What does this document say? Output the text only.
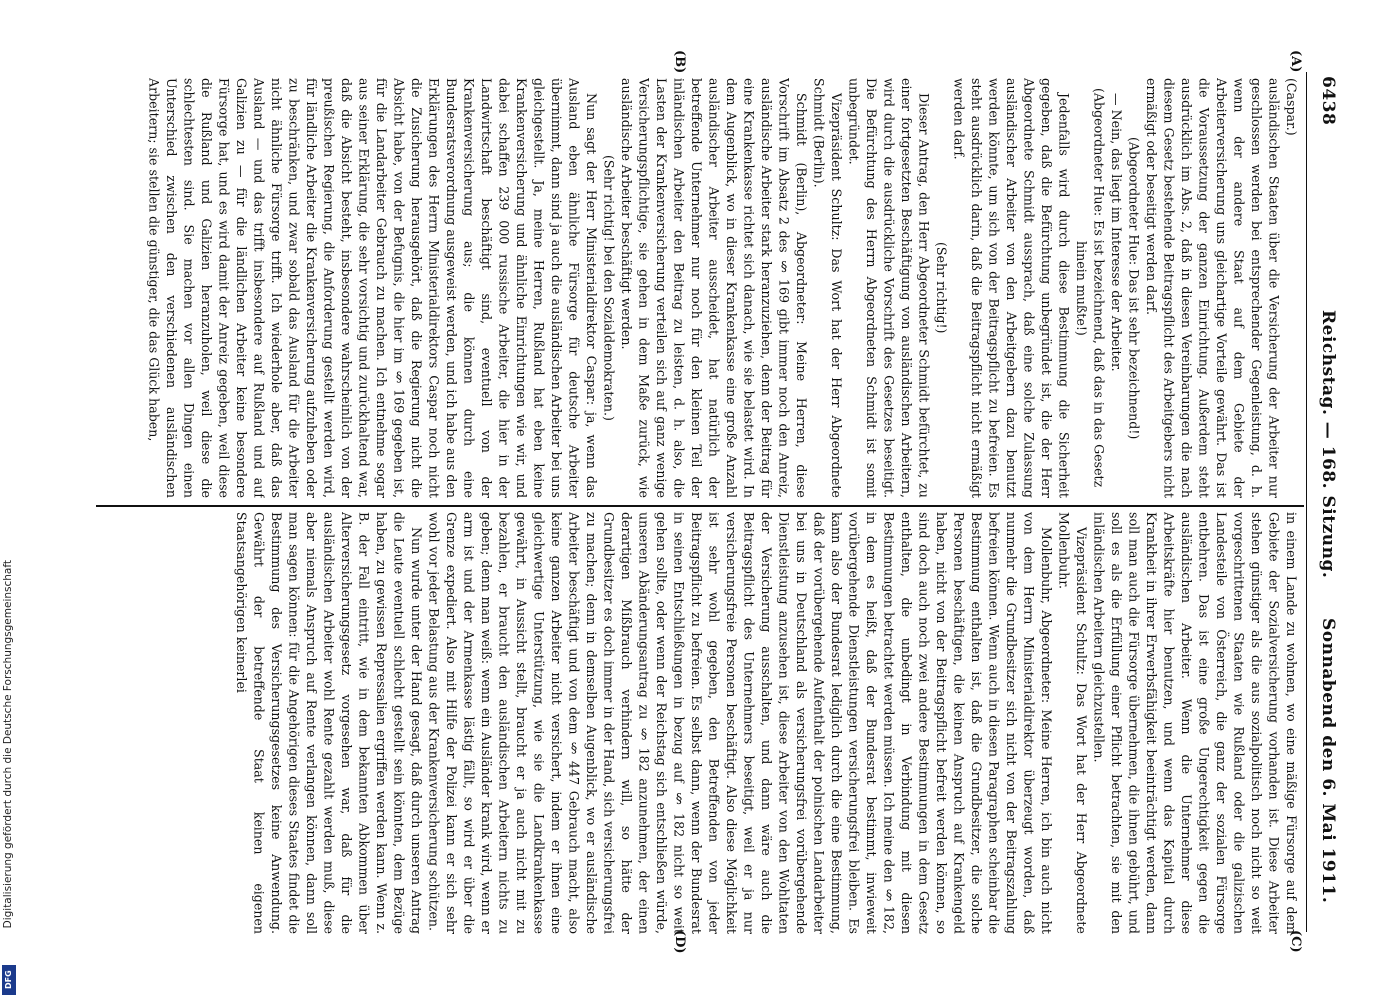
6438
Reichstag. — 168. Sitzung.
Sonnabend den 6. Mai 1911.
(A)
(B)
(C)
(D)

(Caspar.)

ausländischen Staaten über die Versicherung der Arbeiter nur geschlossen werden bei entsprechender Gegenleistung, d. h. wenn der andere Staat auf dem Gebiete der Arbeiterversicherung uns gleichartige Vorteile gewährt. Das ist die Voraussetzung der ganzen Einrichtung. Außerdem steht ausdrücklich im Abs. 2, daß in diesen Vereinbarungen die nach diesem Gesetz bestehende Beitragspflicht des Arbeitgebers nicht ermäßigt oder beseitigt werden darf.

(Abgeordneter Hue: Das ist sehr bezeichnend!)

— Nein, das liegt im Interesse der Arbeiter.

(Abgeordneter Hue: Es ist bezeichnend, daß das in das Gesetz hinein mußte!)

Jedenfalls wird durch diese Bestimmung die Sicherheit gegeben, daß die Befürchtung unbegründet ist, die der Herr Abgeordnete Schmidt aussprach, daß eine solche Zulassung ausländischer Arbeiter von den Arbeitgebern dazu benutzt werden könnte, um sich von der Beitragspflicht zu befreien. Es steht ausdrücklich darin, daß die Beitragspflicht nicht ermäßigt werden darf.

(Sehr richtig!)

Dieser Antrag, den Herr Abgeordneter Schmidt befürchtet, zu einer fortgesetzten Beschäftigung von ausländischen Arbeitern, wird durch die ausdrückliche Vorschrift des Gesetzes beseitigt. Die Befürchtung des Herrn Abgeordneten Schmidt ist somit unbegründet.

Vizepräsident Schultz: Das Wort hat der Herr Abgeordnete Schmidt (Berlin).

Schmidt (Berlin), Abgeordneter: Meine Herren, diese Vorschrift im Absatz 2 des § 169 gibt immer noch den Anreiz, ausländische Arbeiter stark heranzuziehen, denn der Beitrag für eine Krankenkasse richtet sich danach, wie sie belastet wird. In dem Augenblick, wo in dieser Krankenkasse eine große Anzahl ausländischer Arbeiter ausscheidet, hat natürlich der betreffende Unternehmer nur noch für den kleinen Teil der inländischen Arbeiter den Beitrag zu leisten, d. h. also, die Lasten der Krankenversicherung verteilen sich auf ganz wenige Versicherungspflichtige, sie gehen in dem Maße zurück, wie ausländische Arbeiter beschäftigt werden.

(Sehr richtig! bei den Sozialdemokraten.)

Nun sagt der Herr Ministerialdirektor Caspar: ja, wenn das Ausland eben ähnliche Fürsorge für deutsche Arbeiter übernimmt, dann sind ja auch die ausländischen Arbeiter bei uns gleichgestellt. Ja, meine Herren, Rußland hat eben keine Krankenversicherung und ähnliche Einrichtungen wie wir, und dabei schaffen 239 000 russische Arbeiter, die hier in der Landwirtschaft beschäftigt sind, eventuell von der Krankenversicherung aus; die können durch eine Bundesratsverordnung ausgeweist werden, und ich habe aus den Erklärungen des Herrn Ministerialdirektors Caspar noch nicht die Zusicherung herausgehört, daß die Regierung nicht die Absicht habe, von der Befugnis, die hier im § 169 gegeben ist, für die Landarbeiter Gebrauch zu machen. Ich entnehme sogar aus seiner Erklärung, die sehr vorsichtig und zurückhaltend war, daß die Absicht besteht, insbesondere wahrscheinlich von der preußischen Regierung, die Anforderung gestellt werden wird, für ländliche Arbeiter die Krankenversicherung aufzuheben oder zu beschränken, und zwar sobald das Ausland für die Arbeiter nicht ähnliche Fürsorge trifft. Ich wiederhole aber, daß das Ausland — und das trifft insbesondere auf Rußland und auf Galizien zu — für die ländlichen Arbeiter keine besondere Fürsorge hat, und es wird damit der Anreiz gegeben, weil diese die Rußland und Galizien heranzuholen, weil diese die schlechtesten sind. Sie machen vor allen Dingen einen Unterschied zwischen den verschiedenen ausländischen Arbeitern; sie stellen die günstiger, die das Glück haben,

in einem Lande zu wohnen, wo eine mäßige Fürsorge auf dem Gebiete der Sozialversicherung vorhanden ist. Diese Arbeiter stehen günstiger als die aus sozialpolitisch noch nicht so weit vorgeschrittenen Staaten wie Rußland oder die galizischen Landesteile von Österreich, die ganz der sozialen Fürsorge entbehren. Das ist eine große Ungerechtigkeit gegen die ausländischen Arbeiter. Wenn die Unternehmer diese Arbeitskräfte hier benutzen, und wenn das Kapital durch Krankheit in ihrer Erwerbsfähigkeit beeinträchtigt werden, dann soll man auch die Fürsorge übernehmen, die ihnen gebührt, und soll es als die Erfüllung einer Pflicht betrachten, sie mit den inländischen Arbeitern gleichzustellen.

Vizepräsident Schultz: Das Wort hat der Herr Abgeordnete Mollenbuhr.

Mollenbuhr, Abgeordneter: Meine Herren, ich bin auch nicht von dem Herrn Ministerialdirektor überzeugt worden, daß nunmehr die Grundbesitzer sich nicht von der Beitragszahlung befreien können. Wenn auch in diesen Paragraphen scheinbar die Bestimmung enthalten ist, daß die Grundbesitzer, die solche Personen beschäftigen, die keinen Anspruch auf Krankengeld haben, nicht von der Beitragspflicht befreit werden können, so sind doch auch noch zwei andere Bestimmungen in dem Gesetz enthalten, die unbedingt in Verbindung mit diesen Bestimmungen betrachtet werden müssen. Ich meine den § 182, in dem es heißt, daß der Bundesrat bestimmt, inwieweit vorübergehende Dienstleistungen versicherungsfrei bleiben. Es kann also der Bundesrat lediglich durch die eine Bestimmung, daß der vorübergehende Aufenthalt der polnischen Landarbeiter bei uns in Deutschland als versicherungsfrei vorübergehende Dienstleistung anzusehen ist, diese Arbeiter von den Wohltaten der Versicherung ausschalten, und dann wäre auch die Beitragspflicht des Unternehmers beseitigt, weil er ja nur versicherungsfreie Personen beschäftigt. Also diese Möglichkeit ist sehr wohl gegeben, den Betreffenden von jeder Beitragspflicht zu befreien. Es selbst dann, wenn der Bundesrat in seinen Entschließungen in bezug auf § 182 nicht so weit gehen sollte, oder wenn der Reichstag sich entschließen würde, unseren Abänderungsantrag zu § 182 anzunehmen, der einen derartigen Mißbrauch verhindern will, so hätte der Grundbesitzer es doch immer in der Hand, sich versicherungsfrei zu machen; denn in demselben Augenblick, wo er ausländische Arbeiter beschäftigt und von dem § 447 Gebrauch macht, also keine ganzen Arbeiter nicht versichert, indem er ihnen eine gleichwertige Unterstützung, wie sie die Landkrankenkasse gewährt, in Aussicht stellt, braucht er ja auch nicht mit zu bezahlen, er braucht den ausländischen Arbeitern nichts zu geben; denn man weiß: wenn ein Ausländer krank wird, wenn er arm ist und der Armenkasse lästig fällt, so wird er über die Grenze expediert. Also mit Hilfe der Polizei kann er sich sehr wohl vor jeder Belastung aus der Krankenversicherung schützen.

Nun wurde unter der Hand gesagt, daß durch unseren Antrag die Leute eventuell schlecht gestellt sein könnten, dem Bezüge haben, zu gewissen Repressalien ergriffen werden kann. Wenn z. B. der Fall eintritt, wie in dem bekannten Abkommen über Alterversicherungsgesetz vorgesehen war, daß für die ausländischen Arbeiter wohl Rente gezahlt werden muß, diese aber niemals Anspruch auf Rente verlangen können, dann soll man sagen können: für die Angehörigen dieses Staates findet die Bestimmung des Versicherungsgesetzes keine Anwendung. Gewährt der betreffende Staat keinen eigenen Staatsangehörigen keinerlei

Digitalisierung gefördert durch die Deutsche Forschungsgemeinschaft
DFG
